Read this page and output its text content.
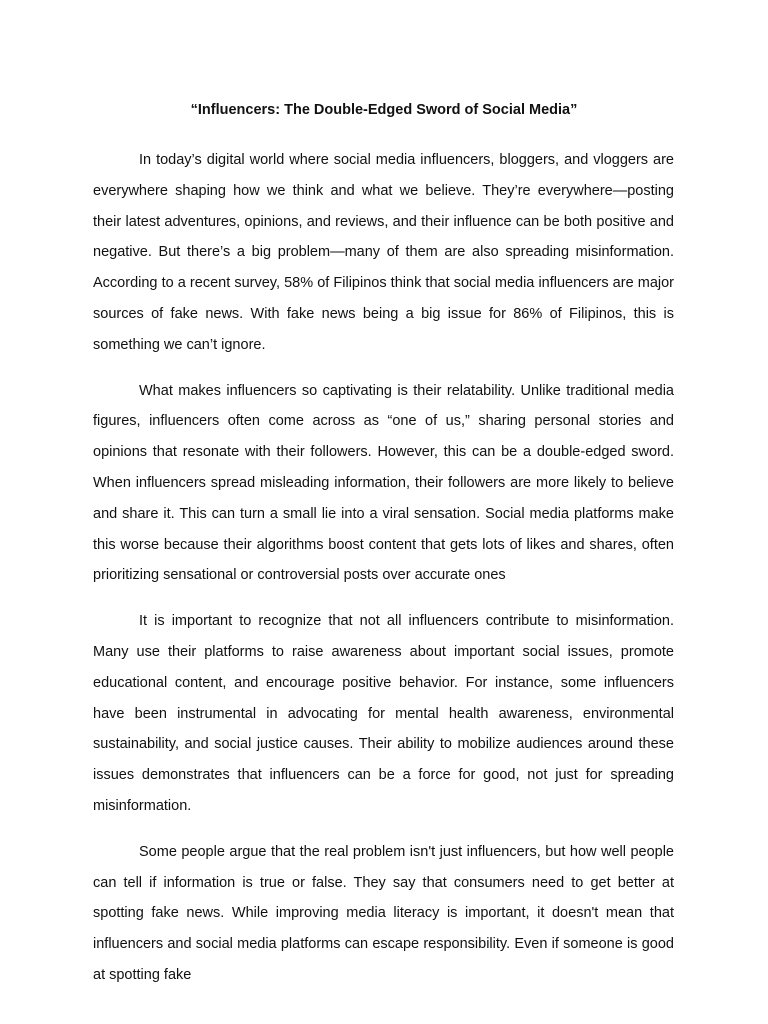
“Influencers: The Double-Edged Sword of Social Media”

In today’s digital world where social media influencers, bloggers, and vloggers are everywhere shaping how we think and what we believe. They’re everywhere—posting their latest adventures, opinions, and reviews, and their influence can be both positive and negative. But there’s a big problem—many of them are also spreading misinformation. According to a recent survey, 58% of Filipinos think that social media influencers are major sources of fake news. With fake news being a big issue for 86% of Filipinos, this is something we can’t ignore.

What makes influencers so captivating is their relatability. Unlike traditional media figures, influencers often come across as “one of us,” sharing personal stories and opinions that resonate with their followers. However, this can be a double-edged sword. When influencers spread misleading information, their followers are more likely to believe and share it. This can turn a small lie into a viral sensation. Social media platforms make this worse because their algorithms boost content that gets lots of likes and shares, often prioritizing sensational or controversial posts over accurate ones

It is important to recognize that not all influencers contribute to misinformation. Many use their platforms to raise awareness about important social issues, promote educational content, and encourage positive behavior. For instance, some influencers have been instrumental in advocating for mental health awareness, environmental sustainability, and social justice causes. Their ability to mobilize audiences around these issues demonstrates that influencers can be a force for good, not just for spreading misinformation.

Some people argue that the real problem isn't just influencers, but how well people can tell if information is true or false. They say that consumers need to get better at spotting fake news. While improving media literacy is important, it doesn't mean that influencers and social media platforms can escape responsibility. Even if someone is good at spotting fake
